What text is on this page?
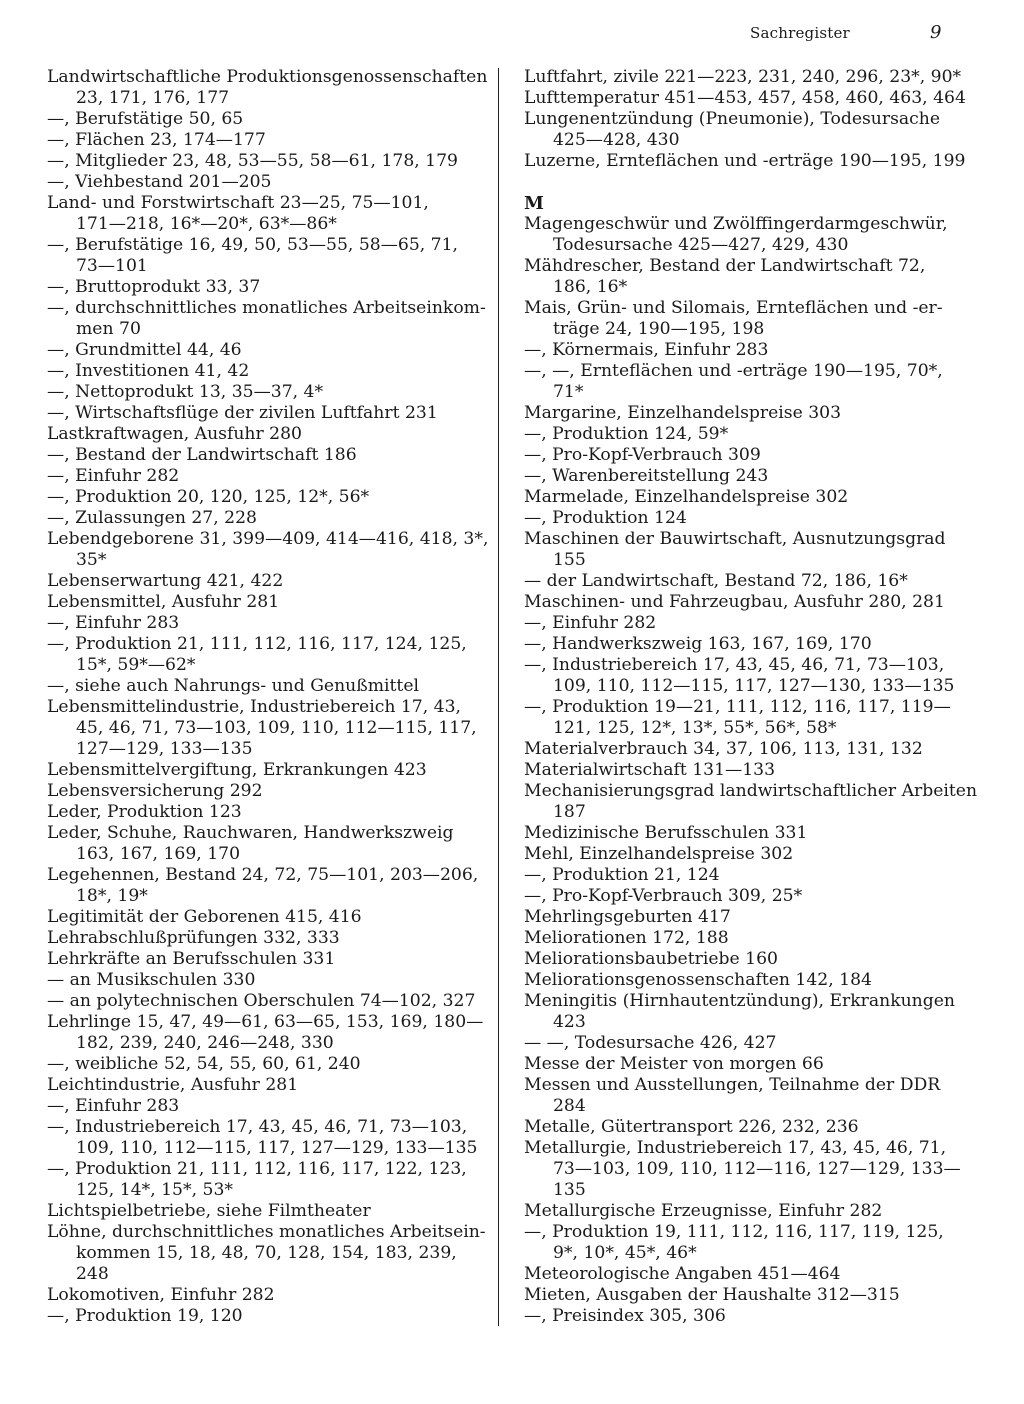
Sachregister	9
Landwirtschaftliche Produktionsgenossenschaften
23, 171, 176, 177
—, Berufstätige 50, 65
—, Flächen 23, 174—177
—, Mitglieder 23, 48, 53—55, 58—61, 178, 179
—, Viehbestand 201—205
Land- und Forstwirtschaft 23—25, 75—101,
171—218, 16*—20*, 63*—86*
—, Berufstätige 16, 49, 50, 53—55, 58—65, 71,
73—101
—, Bruttoprodukt 33, 37
—, durchschnittliches monatliches Arbeitseinkom-
men 70
—, Grundmittel 44, 46
—, Investitionen 41, 42
—, Nettoprodukt 13, 35—37, 4*
—, Wirtschaftsflüge der zivilen Luftfahrt 231
Lastkraftwagen, Ausfuhr 280
—, Bestand der Landwirtschaft 186
—, Einfuhr 282
—, Produktion 20, 120, 125, 12*, 56*
—, Zulassungen 27, 228
Lebendgeborene 31, 399—409, 414—416, 418, 3*,
35*
Lebenserwartung 421, 422
Lebensmittel, Ausfuhr 281
—, Einfuhr 283
—, Produktion 21, 111, 112, 116, 117, 124, 125,
15*, 59*—62*
—, siehe auch Nahrungs- und Genußmittel
Lebensmittelindustrie, Industriebereich 17, 43,
45, 46, 71, 73—103, 109, 110, 112—115, 117,
127—129, 133—135
Lebensmittelvergiftung, Erkrankungen 423
Lebensversicherung 292
Leder, Produktion 123
Leder, Schuhe, Rauchwaren, Handwerkszweig
163, 167, 169, 170
Legehennen, Bestand 24, 72, 75—101, 203—206,
18*, 19*
Legitimität der Geborenen 415, 416
Lehrabschlußprüfungen 332, 333
Lehrkräfte an Berufsschulen 331
— an Musikschulen 330
— an polytechnischen Oberschulen 74—102, 327
Lehrlinge 15, 47, 49—61, 63—65, 153, 169, 180—
182, 239, 240, 246—248, 330
—, weibliche 52, 54, 55, 60, 61, 240
Leichtindustrie, Ausfuhr 281
—, Einfuhr 283
—, Industriebereich 17, 43, 45, 46, 71, 73—103,
109, 110, 112—115, 117, 127—129, 133—135
—, Produktion 21, 111, 112, 116, 117, 122, 123,
125, 14*, 15*, 53*
Lichtspielbetriebe, siehe Filmtheater
Löhne, durchschnittliches monatliches Arbeitsein-
kommen 15, 18, 48, 70, 128, 154, 183, 239,
248
Lokomotiven, Einfuhr 282
—, Produktion 19, 120
Luftfahrt, zivile 221—223, 231, 240, 296, 23*, 90*
Lufttemperatur 451—453, 457, 458, 460, 463, 464
Lungenentzündung (Pneumonie), Todesursache
425—428, 430
Luzerne, Ernteflächen und -erträge 190—195, 199
M
Magengeschwür und Zwölffingerdarmgeschwür,
Todesursache 425—427, 429, 430
Mähdrescher, Bestand der Landwirtschaft 72,
186, 16*
Mais, Grün- und Silomais, Ernteflächen und -er-
träge 24, 190—195, 198
—, Körnermais, Einfuhr 283
—, —, Ernteflächen und -erträge 190—195, 70*,
71*
Margarine, Einzelhandelspreise 303
—, Produktion 124, 59*
—, Pro-Kopf-Verbrauch 309
—, Warenbereitstellung 243
Marmelade, Einzelhandelspreise 302
—, Produktion 124
Maschinen der Bauwirtschaft, Ausnutzungsgrad
155
— der Landwirtschaft, Bestand 72, 186, 16*
Maschinen- und Fahrzeugbau, Ausfuhr 280, 281
—, Einfuhr 282
—, Handwerkszweig 163, 167, 169, 170
—, Industriebereich 17, 43, 45, 46, 71, 73—103,
109, 110, 112—115, 117, 127—130, 133—135
—, Produktion 19—21, 111, 112, 116, 117, 119—
121, 125, 12*, 13*, 55*, 56*, 58*
Materialverbrauch 34, 37, 106, 113, 131, 132
Materialwirtschaft 131—133
Mechanisierungsgrad landwirtschaftlicher Arbeiten
187
Medizinische Berufsschulen 331
Mehl, Einzelhandelspreise 302
—, Produktion 21, 124
—, Pro-Kopf-Verbrauch 309, 25*
Mehrlingsgeburten 417
Meliorationen 172, 188
Meliorationsbaubetriebe 160
Meliorationsgenossenschaften 142, 184
Meningitis (Hirnhautentzündung), Erkrankungen
423
— —, Todesursache 426, 427
Messe der Meister von morgen 66
Messen und Ausstellungen, Teilnahme der DDR
284
Metalle, Gütertransport 226, 232, 236
Metallurgie, Industriebereich 17, 43, 45, 46, 71,
73—103, 109, 110, 112—116, 127—129, 133—
135
Metallurgische Erzeugnisse, Einfuhr 282
—, Produktion 19, 111, 112, 116, 117, 119, 125,
9*, 10*, 45*, 46*
Meteorologische Angaben 451—464
Mieten, Ausgaben der Haushalte 312—315
—, Preisindex 305, 306
